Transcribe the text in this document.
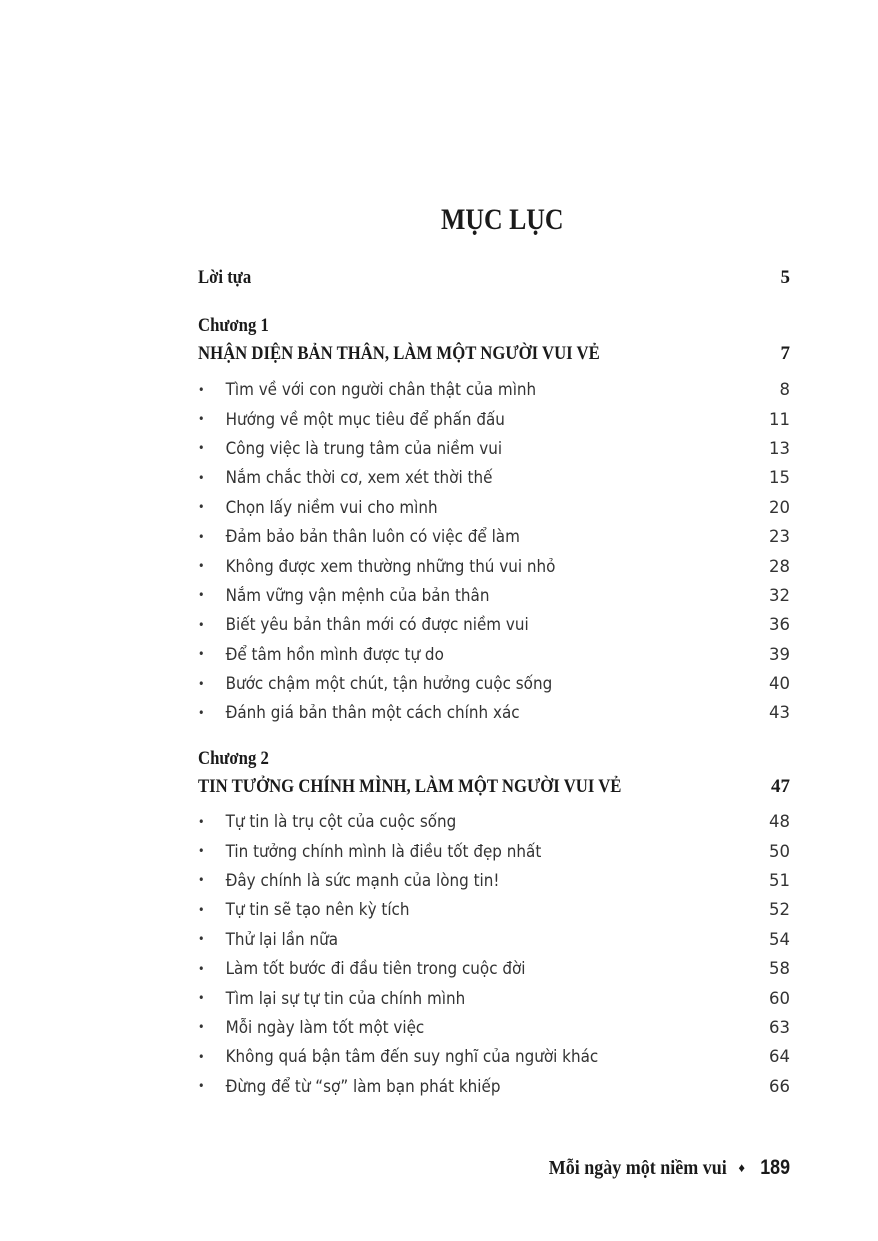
MỤC LỤC
Lời tựa	5
Chương 1
NHẬN DIỆN BẢN THÂN, LÀM MỘT NGƯỜI VUI VẺ	7
•	Tìm về với con người chân thật của mình	8
•	Hướng về một mục tiêu để phấn đấu	11
•	Công việc là trung tâm của niềm vui	13
•	Nắm chắc thời cơ, xem xét thời thế	15
•	Chọn lấy niềm vui cho mình	20
•	Đảm bảo bản thân luôn có việc để làm	23
•	Không được xem thường những thú vui nhỏ	28
•	Nắm vững vận mệnh của bản thân	32
•	Biết yêu bản thân mới có được niềm vui	36
•	Để tâm hồn mình được tự do	39
•	Bước chậm một chút, tận hưởng cuộc sống	40
•	Đánh giá bản thân một cách chính xác	43
Chương 2
TIN TƯỞNG CHÍNH MÌNH, LÀM MỘT NGƯỜI VUI VẺ	47
•	Tự tin là trụ cột của cuộc sống	48
•	Tin tưởng chính mình là điều tốt đẹp nhất	50
•	Đây chính là sức mạnh của lòng tin!	51
•	Tự tin sẽ tạo nên kỳ tích	52
•	Thử lại lần nữa	54
•	Làm tốt bước đi đầu tiên trong cuộc đời	58
•	Tìm lại sự tự tin của chính mình	60
•	Mỗi ngày làm tốt một việc	63
•	Không quá bận tâm đến suy nghĩ của người khác	64
•	Đừng để từ “sợ” làm bạn phát khiếp	66
Mỗi ngày một niềm vui ♦ 189
